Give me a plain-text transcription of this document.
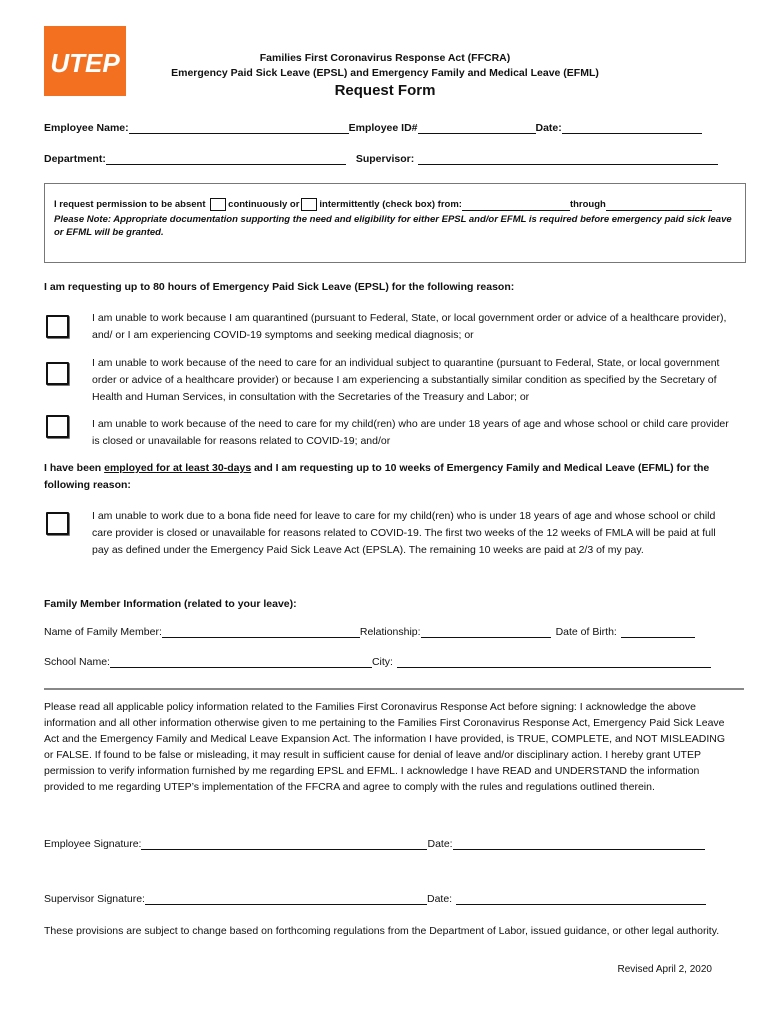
UTEP	Families First Coronavirus Response Act (FFCRA)
Emergency Paid Sick Leave (EPSL) and Emergency Family and Medical Leave (EFML)
Request Form
Employee Name:	Employee ID#	Date:
Department:	Supervisor:
I request permission to be absent continuously or intermittently (check box) from:	through
Please Note: Appropriate documentation supporting the need and eligibility for either EPSL and/or EFML is required before emergency paid sick leave or EFML will be granted.
I am requesting up to 80 hours of Emergency Paid Sick Leave (EPSL) for the following reason:
I am unable to work because I am quarantined (pursuant to Federal, State, or local government order or advice of a healthcare provider), and/ or I am experiencing COVID-19 symptoms and seeking medical diagnosis; or
I am unable to work because of the need to care for an individual subject to quarantine (pursuant to Federal, State, or local government order or advice of a healthcare provider) or because I am experiencing a substantially similar condition as specified by the Secretary of Health and Human Services, in consultation with the Secretaries of the Treasury and Labor; or
I am unable to work because of the need to care for my child(ren) who are under 18 years of age and whose school or child care provider is closed or unavailable for reasons related to COVID-19; and/or
I have been employed for at least 30-days and I am requesting up to 10 weeks of Emergency Family and Medical Leave (EFML) for the following reason:
I am unable to work due to a bona fide need for leave to care for my child(ren) who is under 18 years of age and whose school or child care provider is closed or unavailable for reasons related to COVID-19. The first two weeks of the 12 weeks of FMLA will be paid at full pay as defined under the Emergency Paid Sick Leave Act (EPSLA). The remaining 10 weeks are paid at 2/3 of my pay.
Family Member Information (related to your leave):
Name of Family Member:	Relationship:	Date of Birth:
School Name:	City:
Please read all applicable policy information related to the Families First Coronavirus Response Act before signing: I acknowledge the above information and all other information otherwise given to me pertaining to the Families First Coronavirus Response Act, Emergency Paid Sick Leave Act and the Emergency Family and Medical Leave Expansion Act. The information I have provided, is TRUE, COMPLETE, and NOT MISLEADING or FALSE. If found to be false or misleading, it may result in sufficient cause for denial of leave and/or disciplinary action. I hereby grant UTEP permission to verify information furnished by me regarding EPSL and EFML. I acknowledge I have READ and UNDERSTAND the information provided to me regarding UTEP’s implementation of the FFCRA and agree to comply with the rules and regulations outlined therein.
Employee Signature:	Date:
Supervisor Signature:	Date:
These provisions are subject to change based on forthcoming regulations from the Department of Labor, issued guidance, or other legal authority.
Revised April 2, 2020
